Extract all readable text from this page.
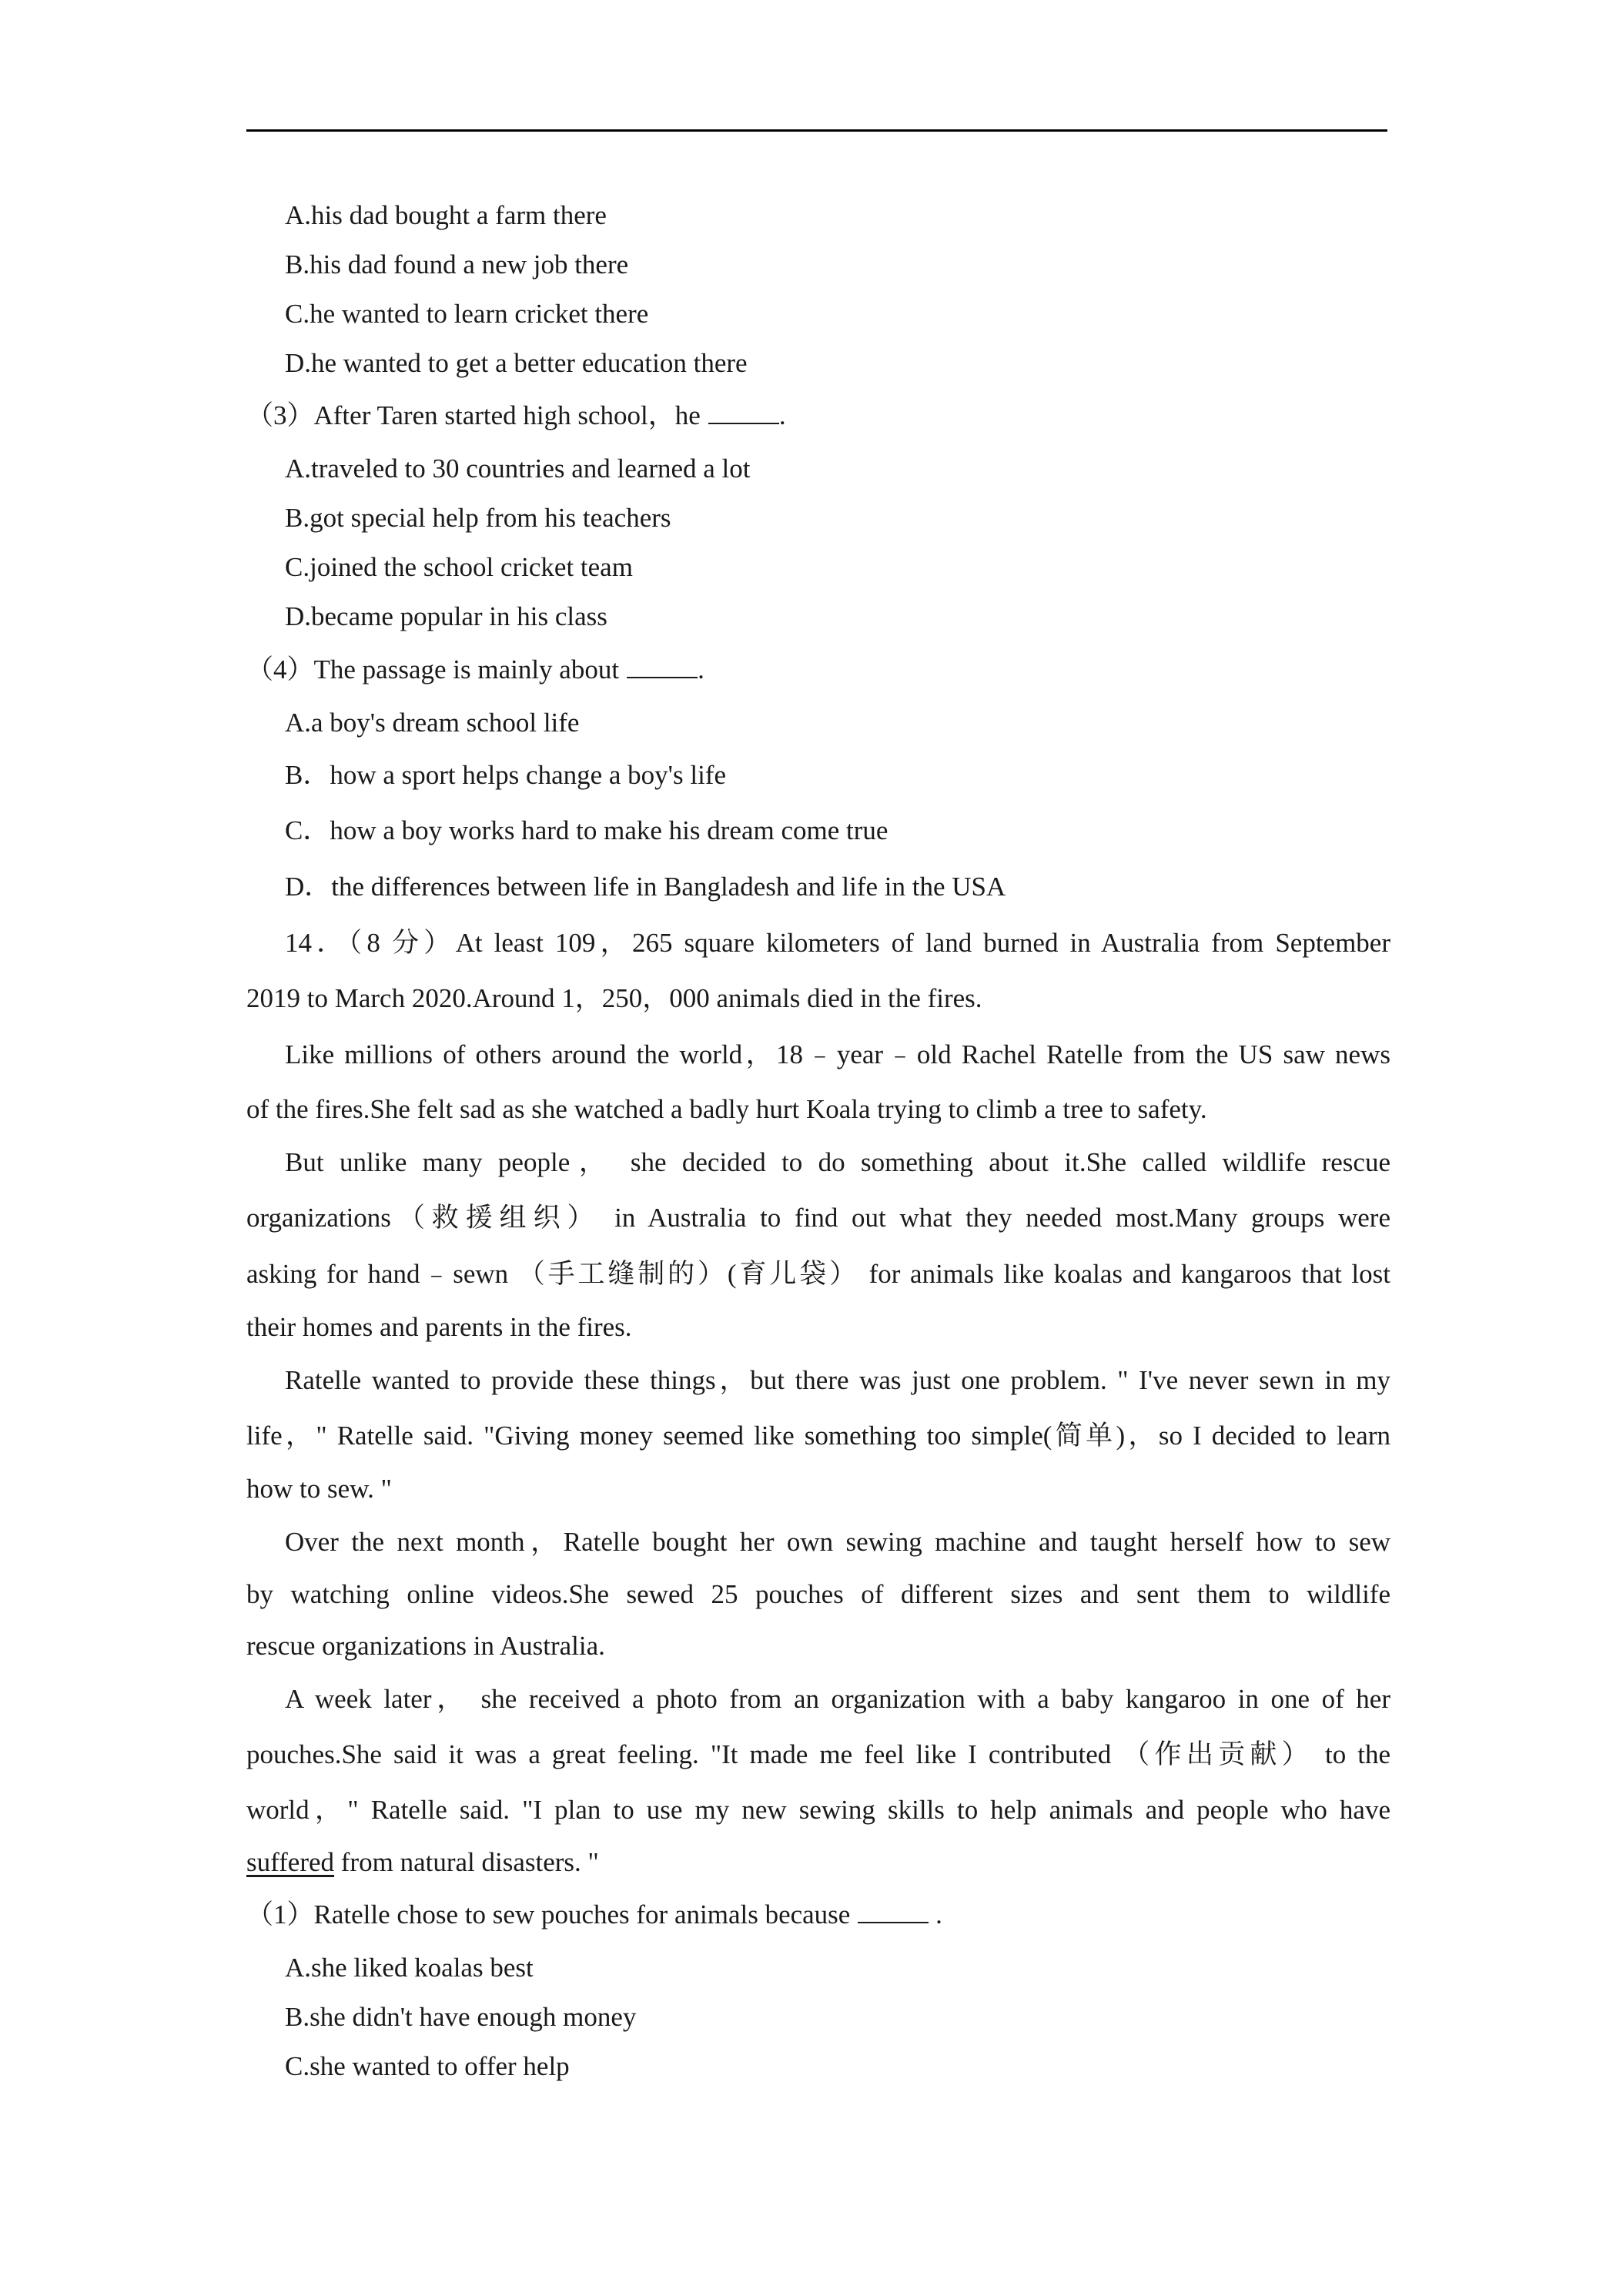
A.his dad bought a farm there
B.his dad found a new job there
C.he wanted to learn cricket there
D.he wanted to get a better education there
（3）After Taren started high school，he	.
A.traveled to 30 countries and learned a lot
B.got special help from his teachers
C.joined the school cricket team
D.became popular in his class
（4）The passage is mainly about	.
A.a boy's dream school life
B．how a sport helps change a boy's life
C．how a boy works hard to make his dream come true
D．the differences between life in Bangladesh and life in the USA
14．（8 分）At least 109，265 square kilometers of land burned in Australia from September
2019 to March 2020.Around 1，250，000 animals died in the fires.
Like millions of others around the world，18﹣year﹣old Rachel Ratelle from the US saw news
of the fires.She felt sad as she watched a badly hurt Koala trying to climb a tree to safety.
But unlike many people， she decided to do something about it.She called wildlife rescue
organizations（救援组织） in Australia to find out what they needed most.Many groups were
asking for hand﹣sewn （手工缝制的）(育儿袋） for animals like koalas and kangaroos that lost
their homes and parents in the fires.
Ratelle wanted to provide these things，but there was just one problem. " I've never sewn in my
life，" Ratelle said. "Giving money seemed like something too simple(简单)，so I decided to learn
how to sew. "
Over the next month，Ratelle bought her own sewing machine and taught herself how to sew
by watching online videos.She sewed 25 pouches of different sizes and sent them to wildlife
rescue organizations in Australia.
A week later， she received a photo from an organization with a baby kangaroo in one of her
pouches.She said it was a great feeling. "It made me feel like I contributed （作出贡献） to the
world，" Ratelle said. "I plan to use my new sewing skills to help animals and people who have
suffered from natural disasters. "
（1）Ratelle chose to sew pouches for animals because	.
A.she liked koalas best
B.she didn't have enough money
C.she wanted to offer help
